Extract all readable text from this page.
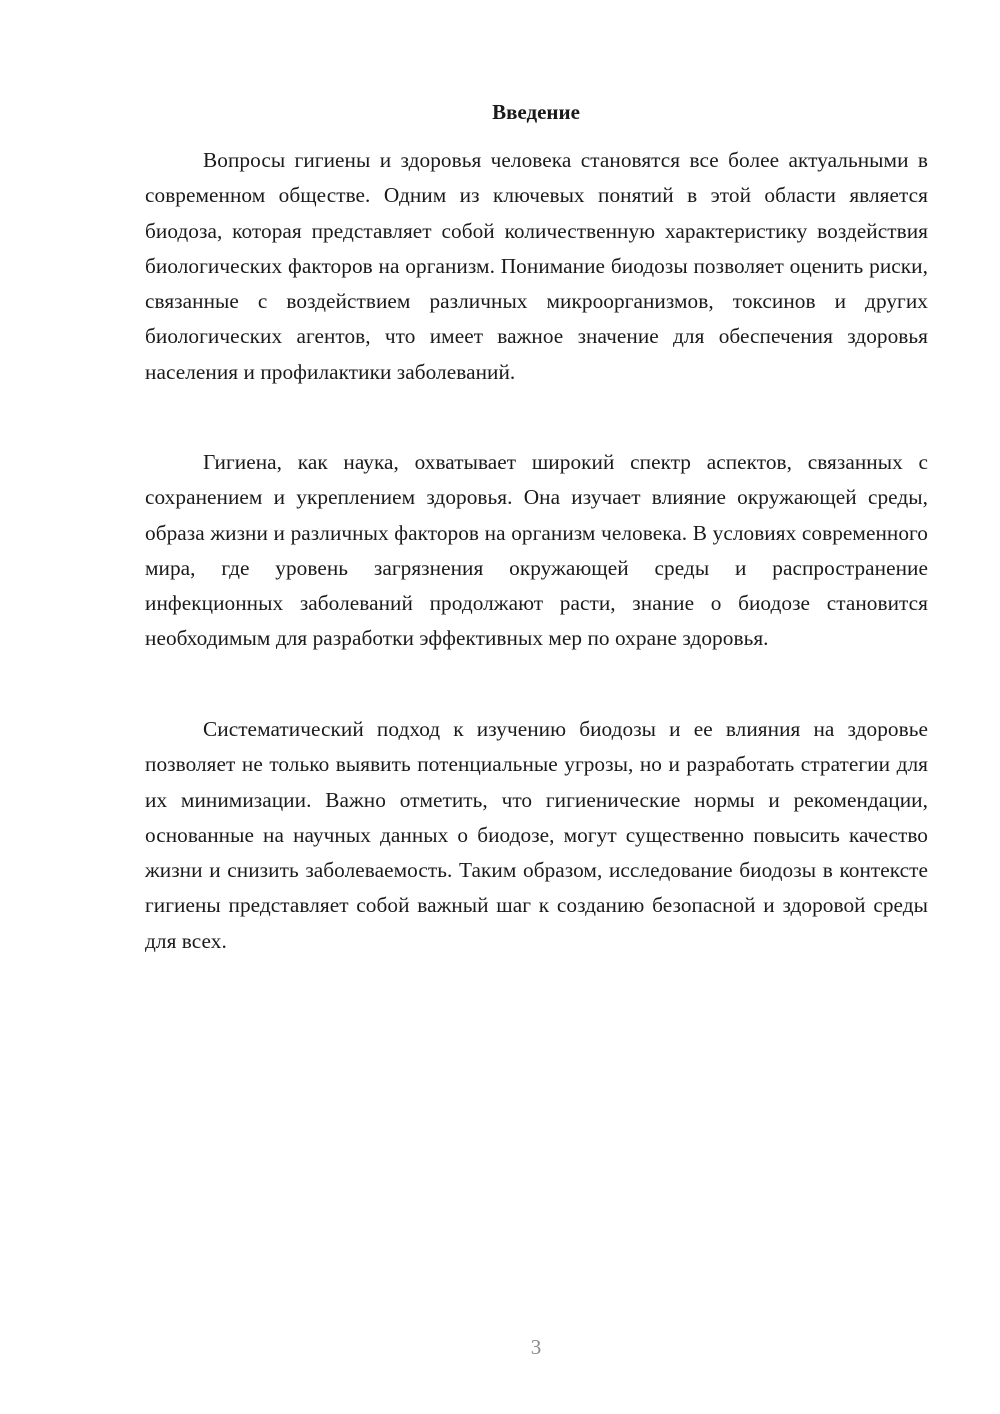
Введение

Вопросы гигиены и здоровья человека становятся все более актуальными в современном обществе. Одним из ключевых понятий в этой области является биодоза, которая представляет собой количественную характеристику воздействия биологических факторов на организм. Понимание биодозы позволяет оценить риски, связанные с воздействием различных микроорганизмов, токсинов и других биологических агентов, что имеет важное значение для обеспечения здоровья населения и профилактики заболеваний.

Гигиена, как наука, охватывает широкий спектр аспектов, связанных с сохранением и укреплением здоровья. Она изучает влияние окружающей среды, образа жизни и различных факторов на организм человека. В условиях современного мира, где уровень загрязнения окружающей среды и распространение инфекционных заболеваний продолжают расти, знание о биодозе становится необходимым для разработки эффективных мер по охране здоровья.

Систематический подход к изучению биодозы и ее влияния на здоровье позволяет не только выявить потенциальные угрозы, но и разработать стратегии для их минимизации. Важно отметить, что гигиенические нормы и рекомендации, основанные на научных данных о биодозе, могут существенно повысить качество жизни и снизить заболеваемость. Таким образом, исследование биодозы в контексте гигиены представляет собой важный шаг к созданию безопасной и здоровой среды для всех.

3
